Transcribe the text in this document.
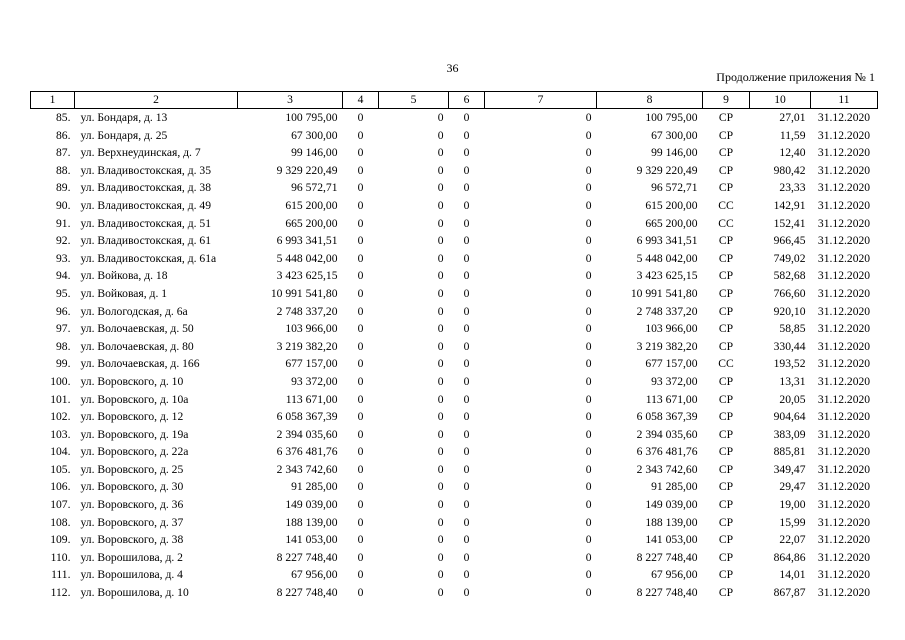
36
Продолжение приложения № 1
1	2	3	4	5	6	7	8	9	10	11
85.	ул. Бондаря, д. 13	100 795,00	0	0	0	0	100 795,00	СР	27,01	31.12.2020
86.	ул. Бондаря, д. 25	67 300,00	0	0	0	0	67 300,00	СР	11,59	31.12.2020
87.	ул. Верхнеудинская, д. 7	99 146,00	0	0	0	0	99 146,00	СР	12,40	31.12.2020
88.	ул. Владивостокская, д. 35	9 329 220,49	0	0	0	0	9 329 220,49	СР	980,42	31.12.2020
89.	ул. Владивостокская, д. 38	96 572,71	0	0	0	0	96 572,71	СР	23,33	31.12.2020
90.	ул. Владивостокская, д. 49	615 200,00	0	0	0	0	615 200,00	СС	142,91	31.12.2020
91.	ул. Владивостокская, д. 51	665 200,00	0	0	0	0	665 200,00	СС	152,41	31.12.2020
92.	ул. Владивостокская, д. 61	6 993 341,51	0	0	0	0	6 993 341,51	СР	966,45	31.12.2020
93.	ул. Владивостокская, д. 61а	5 448 042,00	0	0	0	0	5 448 042,00	СР	749,02	31.12.2020
94.	ул. Войкова, д. 18	3 423 625,15	0	0	0	0	3 423 625,15	СР	582,68	31.12.2020
95.	ул. Войковая, д. 1	10 991 541,80	0	0	0	0	10 991 541,80	СР	766,60	31.12.2020
96.	ул. Вологодская, д. 6а	2 748 337,20	0	0	0	0	2 748 337,20	СР	920,10	31.12.2020
97.	ул. Волочаевская, д. 50	103 966,00	0	0	0	0	103 966,00	СР	58,85	31.12.2020
98.	ул. Волочаевская, д. 80	3 219 382,20	0	0	0	0	3 219 382,20	СР	330,44	31.12.2020
99.	ул. Волочаевская, д. 166	677 157,00	0	0	0	0	677 157,00	СС	193,52	31.12.2020
100.	ул. Воровского, д. 10	93 372,00	0	0	0	0	93 372,00	СР	13,31	31.12.2020
101.	ул. Воровского, д. 10а	113 671,00	0	0	0	0	113 671,00	СР	20,05	31.12.2020
102.	ул. Воровского, д. 12	6 058 367,39	0	0	0	0	6 058 367,39	СР	904,64	31.12.2020
103.	ул. Воровского, д. 19а	2 394 035,60	0	0	0	0	2 394 035,60	СР	383,09	31.12.2020
104.	ул. Воровского, д. 22а	6 376 481,76	0	0	0	0	6 376 481,76	СР	885,81	31.12.2020
105.	ул. Воровского, д. 25	2 343 742,60	0	0	0	0	2 343 742,60	СР	349,47	31.12.2020
106.	ул. Воровского, д. 30	91 285,00	0	0	0	0	91 285,00	СР	29,47	31.12.2020
107.	ул. Воровского, д. 36	149 039,00	0	0	0	0	149 039,00	СР	19,00	31.12.2020
108.	ул. Воровского, д. 37	188 139,00	0	0	0	0	188 139,00	СР	15,99	31.12.2020
109.	ул. Воровского, д. 38	141 053,00	0	0	0	0	141 053,00	СР	22,07	31.12.2020
110.	ул. Ворошилова, д. 2	8 227 748,40	0	0	0	0	8 227 748,40	СР	864,86	31.12.2020
111.	ул. Ворошилова, д. 4	67 956,00	0	0	0	0	67 956,00	СР	14,01	31.12.2020
112.	ул. Ворошилова, д. 10	8 227 748,40	0	0	0	0	8 227 748,40	СР	867,87	31.12.2020
